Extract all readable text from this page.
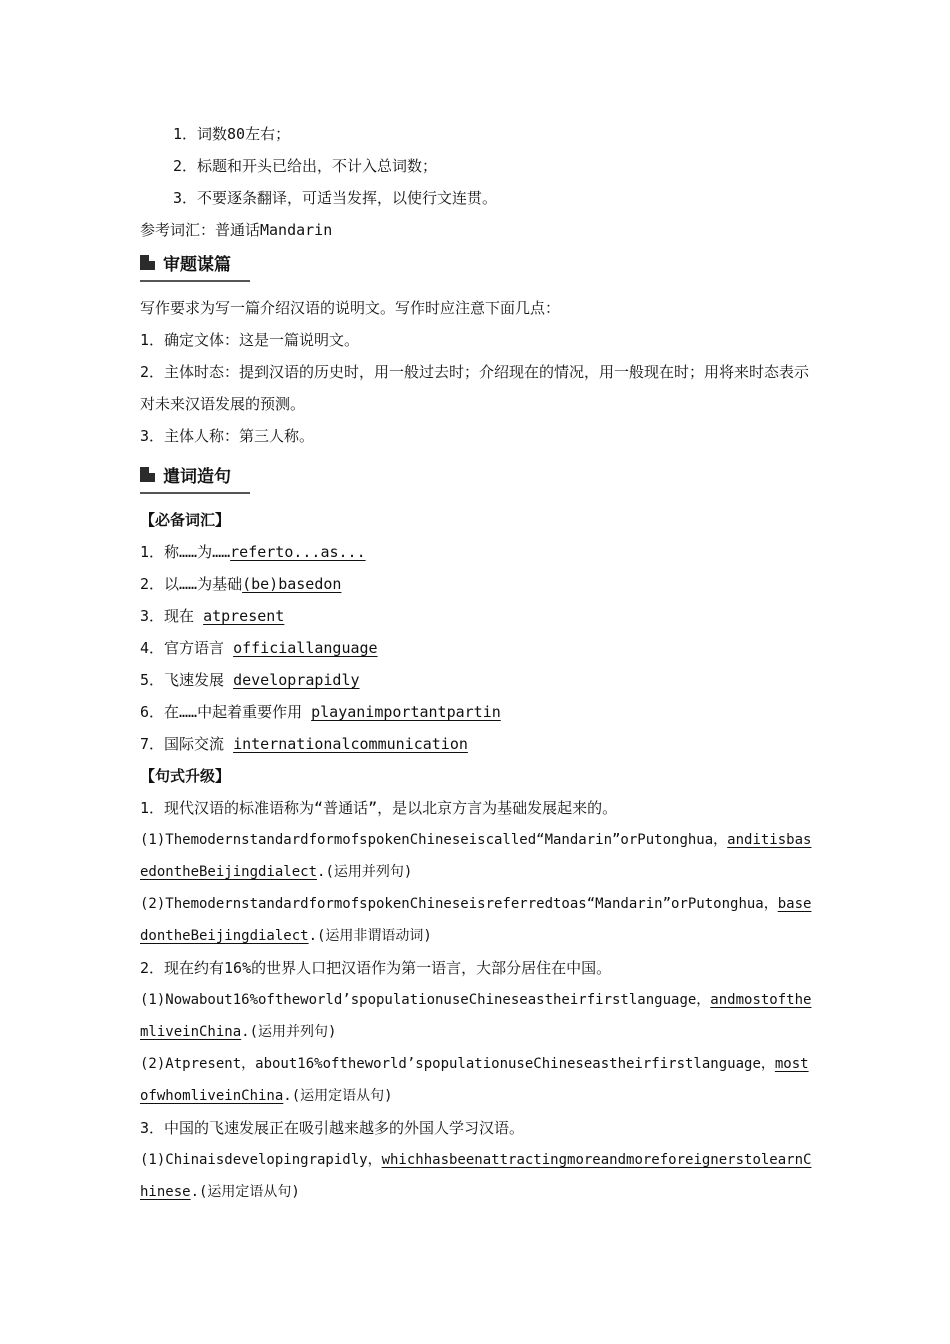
1．词数80左右；
2．标题和开头已给出，不计入总词数；
3．不要逐条翻译，可适当发挥，以使行文连贯。
参考词汇：普通话Mandarin
审题谋篇
写作要求为写一篇介绍汉语的说明文。写作时应注意下面几点：
1．确定文体：这是一篇说明文。
2．主体时态：提到汉语的历史时，用一般过去时；介绍现在的情况，用一般现在时；用将来时态表示对未来汉语发展的预测。
3．主体人称：第三人称。
遣词造句
【必备词汇】
1．称……为……referto...as...
2．以……为基础(be)basedon
3．现在 atpresent
4．官方语言 officiallanguage
5．飞速发展 developrapidly
6．在……中起着重要作用 playanimportantpartin
7．国际交流 internationalcommunication
【句式升级】
1．现代汉语的标准语称为“普通话”，是以北京方言为基础发展起来的。
(1)ThemodernstandardformofspokenChineseiscalled“Mandarin”orPutonghua，anditisbasedontheBeijingdialect.(运用并列句)
(2)ThemodernstandardformofspokenChineseisreferredtoas“Mandarin”orPutonghua，basedontheBeijingdialect.(运用非谓语动词)
2．现在约有16%的世界人口把汉语作为第一语言，大部分居住在中国。
(1)Nowabout16%oftheworld’spopulationuseChineseastheirfirstlanguage，andmostofthemliveinChina.(运用并列句)
(2)Atpresent，about16%oftheworld’spopulationuseChineseastheirfirstlanguage，mostofwhomliveinChina.(运用定语从句)
3．中国的飞速发展正在吸引越来越多的外国人学习汉语。
(1)Chinaisdevelopingrapidly，whichhasbeenattractingmoreandmoreforeignerstolearnChinese.(运用定语从句)
